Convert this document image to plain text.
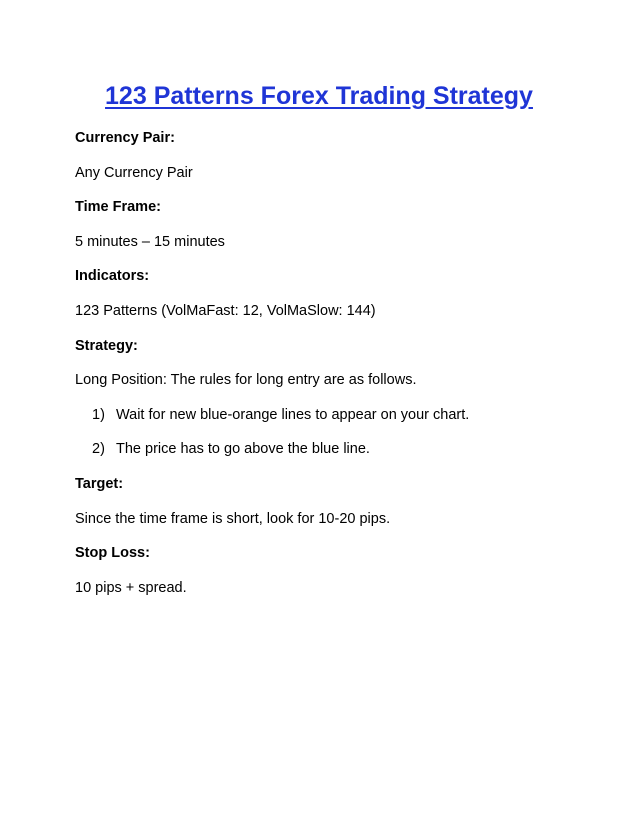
123 Patterns Forex Trading Strategy

Currency Pair:

Any Currency Pair

Time Frame:

5 minutes – 15 minutes

Indicators:

123 Patterns (VolMaFast: 12, VolMaSlow: 144)

Strategy:

Long Position: The rules for long entry are as follows.

1) Wait for new blue-orange lines to appear on your chart.
2) The price has to go above the blue line.

Target:

Since the time frame is short, look for 10-20 pips.

Stop Loss:

10 pips + spread.
